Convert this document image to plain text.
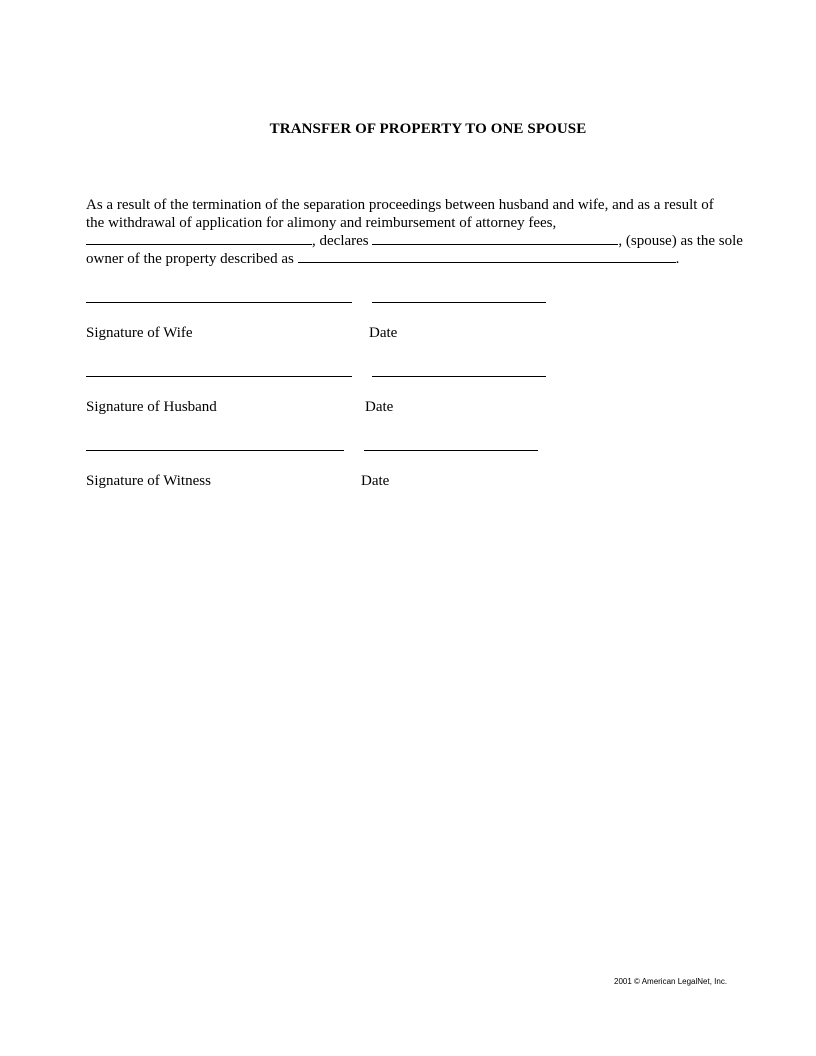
TRANSFER OF PROPERTY TO ONE SPOUSE
As a result of the termination of the separation proceedings between husband and wife, and as a result of
the withdrawal of application for alimony and reimbursement of attorney fees,
, declares	, (spouse) as the sole
owner of the property described as	.
Signature of Wife	Date
Signature of Husband	Date
Signature of Witness	Date
2001 © American LegalNet, Inc.
